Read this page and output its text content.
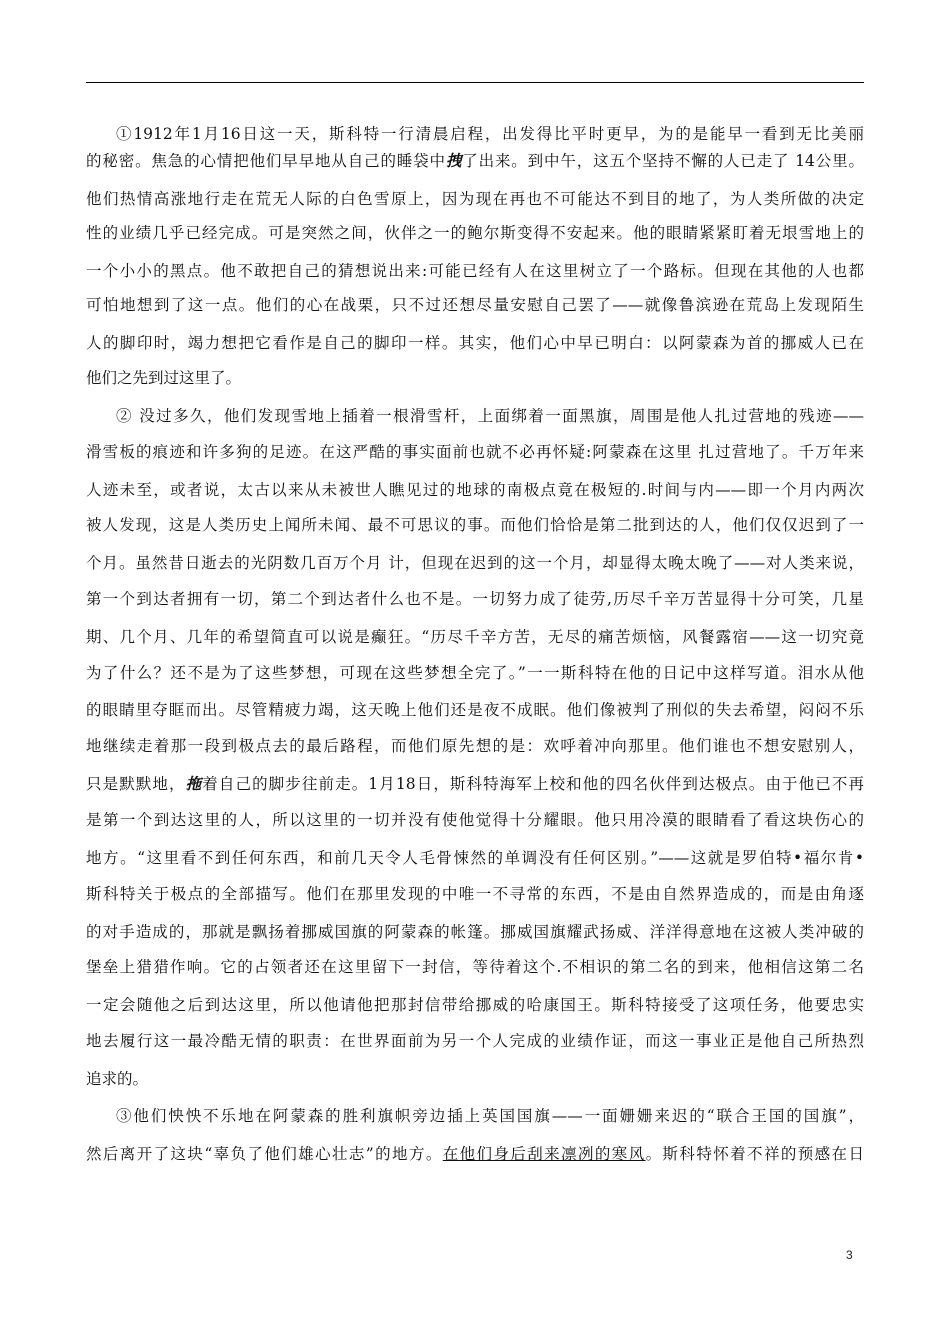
①1912年1月16日这一天，斯科特一行清晨启程，出发得比平时更早，为的是能早一看到无比美丽
的秘密。焦急的心情把他们早早地从自己的睡袋中拽了出来。到中午，这五个坚持不懈的人已走了 14公里。
他们热情高涨地行走在荒无人际的白色雪原上，因为现在再也不可能达不到目的地了，为人类所做的决定
性的业绩几乎已经完成。可是突然之间，伙伴之一的鲍尔斯变得不安起来。他的眼睛紧紧盯着无垠雪地上的
一个小小的黑点。他不敢把自己的猜想说出来:可能已经有人在这里树立了一个路标。但现在其他的人也都
可怕地想到了这一点。他们的心在战栗，只不过还想尽量安慰自己罢了——就像鲁滨逊在荒岛上发现陌生
人的脚印时，竭力想把它看作是自己的脚印一样。其实，他们心中早已明白：以阿蒙森为首的挪威人已在
他们之先到过这里了。
② 没过多久，他们发现雪地上插着一根滑雪杆，上面绑着一面黑旗，周围是他人扎过营地的残迹——
滑雪板的痕迹和许多狗的足迹。在这严酷的事实面前也就不必再怀疑:阿蒙森在这里 扎过营地了。千万年来
人迹未至，或者说，太古以来从未被世人瞧见过的地球的南极点竟在极短的.时间与内——即一个月内两次
被人发现，这是人类历史上闻所未闻、最不可思议的事。而他们恰恰是第二批到达的人，他们仅仅迟到了一
个月。虽然昔日逝去的光阴数几百万个月 计，但现在迟到的这一个月，却显得太晚太晚了——对人类来说，
第一个到达者拥有一切，第二个到达者什么也不是。一切努力成了徒劳,历尽千辛万苦显得十分可笑，几星
期、几个月、几年的希望简直可以说是癫狂。“历尽千辛方苦，无尽的痛苦烦恼，风餐露宿——这一切究竟
为了什么？还不是为了这些梦想，可现在这些梦想全完了。”一一斯科特在他的日记中这样写道。泪水从他
的眼睛里夺眶而出。尽管精疲力竭，这天晚上他们还是夜不成眠。他们像被判了刑似的失去希望，闷闷不乐
地继续走着那一段到极点去的最后路程，而他们原先想的是：欢呼着冲向那里。他们谁也不想安慰别人，
只是默默地，拖着自己的脚步往前走。1月18日，斯科特海军上校和他的四名伙伴到达极点。由于他已不再
是第一个到达这里的人，所以这里的一切并没有使他觉得十分耀眼。他只用冷漠的眼睛看了看这块伤心的
地方。“这里看不到任何东西，和前几天令人毛骨悚然的单调没有任何区别。”——这就是罗伯特•福尔肯•
斯科特关于极点的全部描写。他们在那里发现的中唯一不寻常的东西，不是由自然界造成的，而是由角逐
的对手造成的，那就是飘扬着挪威国旗的阿蒙森的帐篷。挪威国旗耀武扬威、洋洋得意地在这被人类冲破的
堡垒上猎猎作响。它的占领者还在这里留下一封信，等待着这个.不相识的第二名的到来，他相信这第二名
一定会随他之后到达这里，所以他请他把那封信带给挪威的哈康国王。斯科特接受了这项任务，他要忠实
地去履行这一最冷酷无情的职责：在世界面前为另一个人完成的业绩作证，而这一事业正是他自己所热烈
追求的。
③他们怏怏不乐地在阿蒙森的胜利旗帜旁边插上英国国旗——一面姗姗来迟的“联合王国的国旗”，
然后离开了这块“辜负了他们雄心壮志”的地方。在他们身后刮来凛冽的寒风。斯科特怀着不祥的预感在日
3
